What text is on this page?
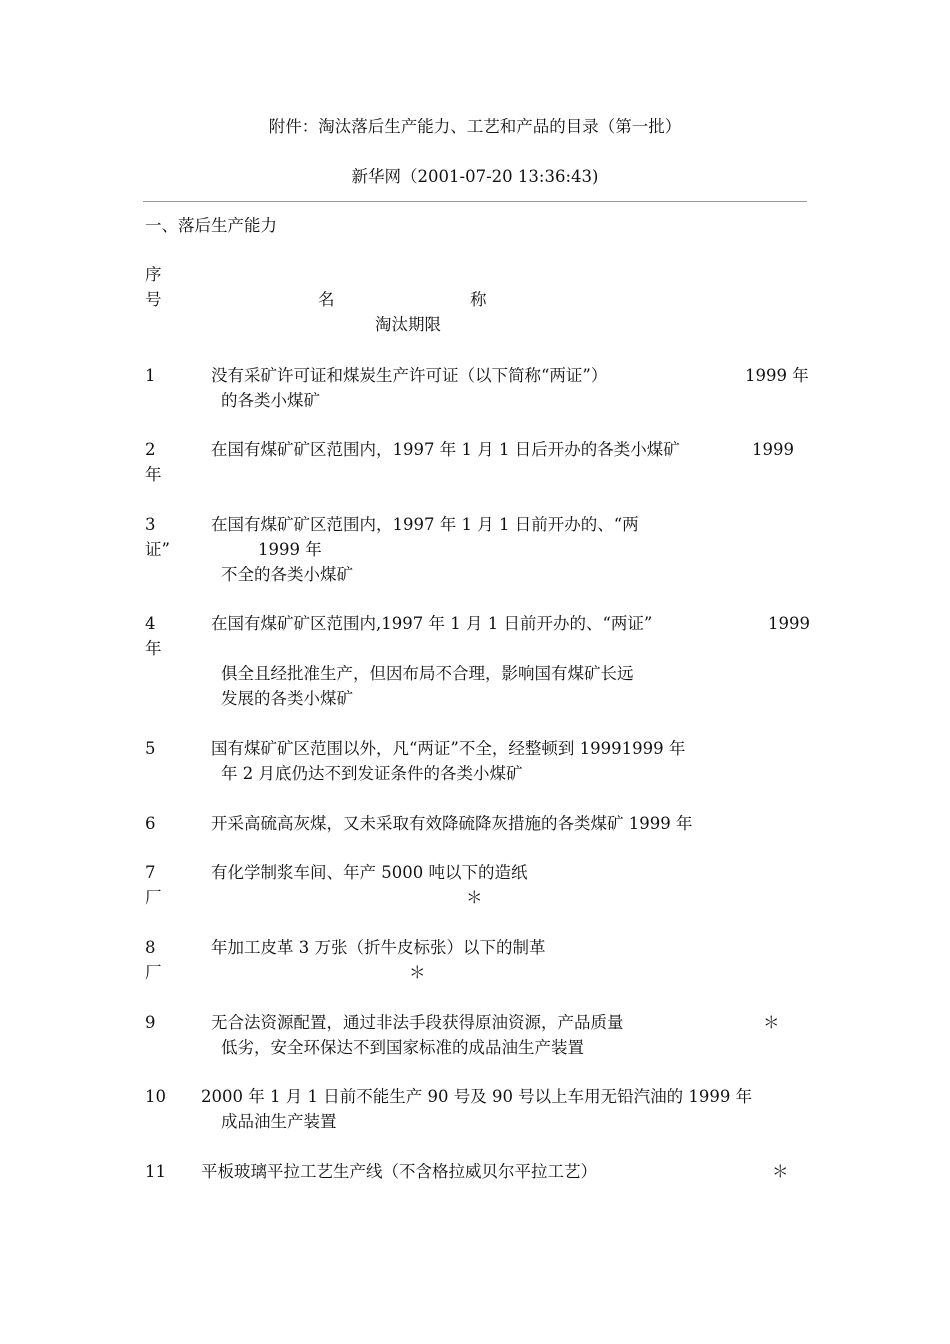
附件：淘汰落后生产能力、工艺和产品的目录（第一批）
新华网（2001-07-20 13:36:43)
一、落后生产能力
序
号	名	称
淘汰期限
1	没有采矿许可证和煤炭生产许可证（以下简称“两证”）	1999 年
的各类小煤矿
2	在国有煤矿矿区范围内，1997 年 1 月 1 日后开办的各类小煤矿	1999
年
3	在国有煤矿矿区范围内，1997 年 1 月 1 日前开办的、“两
证”	1999 年
不全的各类小煤矿
4	在国有煤矿矿区范围内,1997 年 1 月 1 日前开办的、“两证”	1999
年
俱全且经批准生产，但因布局不合理，影响国有煤矿长远
发展的各类小煤矿
5	国有煤矿矿区范围以外，凡“两证”不全，经整顿到 19991999 年
年 2 月底仍达不到发证条件的各类小煤矿
6	开采高硫高灰煤，又未采取有效降硫降灰措施的各类煤矿 1999 年
7	有化学制浆车间、年产 5000 吨以下的造纸
厂	＊
8	年加工皮革 3 万张（折牛皮标张）以下的制革
厂	＊
9	无合法资源配置，通过非法手段获得原油资源，产品质量	＊
低劣，安全环保达不到国家标准的成品油生产装置
10 2000 年 1 月 1 日前不能生产 90 号及 90 号以上车用无铅汽油的 1999 年
成品油生产装置
11 平板玻璃平拉工艺生产线（不含格拉威贝尔平拉工艺）	＊
